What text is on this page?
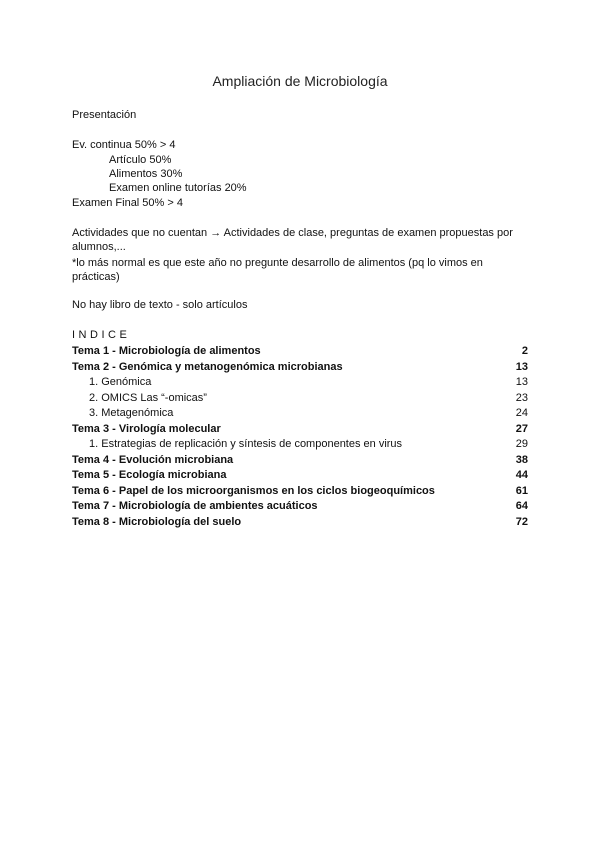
Ampliación de Microbiología
Presentación
Ev. continua 50% > 4
Artículo 50%
Alimentos 30%
Examen online tutorías 20%
Examen Final 50% > 4
Actividades que no cuentan → Actividades de clase, preguntas de examen propuestas por alumnos,...
*lo más normal es que este año no pregunte desarrollo de alimentos (pq lo vimos en prácticas)
No hay libro de texto - solo artículos
INDICE
Tema 1 - Microbiología de alimentos	2
Tema 2 - Genómica y metanogenómica microbianas	13
1. Genómica	13
2. OMICS Las “-omicas”	23
3. Metagenómica	24
Tema 3 - Virología molecular	27
1. Estrategias de replicación y síntesis de componentes en virus	29
Tema 4 - Evolución microbiana	38
Tema 5 - Ecología microbiana	44
Tema 6 - Papel de los microorganismos en los ciclos biogeoquímicos	61
Tema 7 - Microbiología de ambientes acuáticos	64
Tema 8 - Microbiología del suelo	72
